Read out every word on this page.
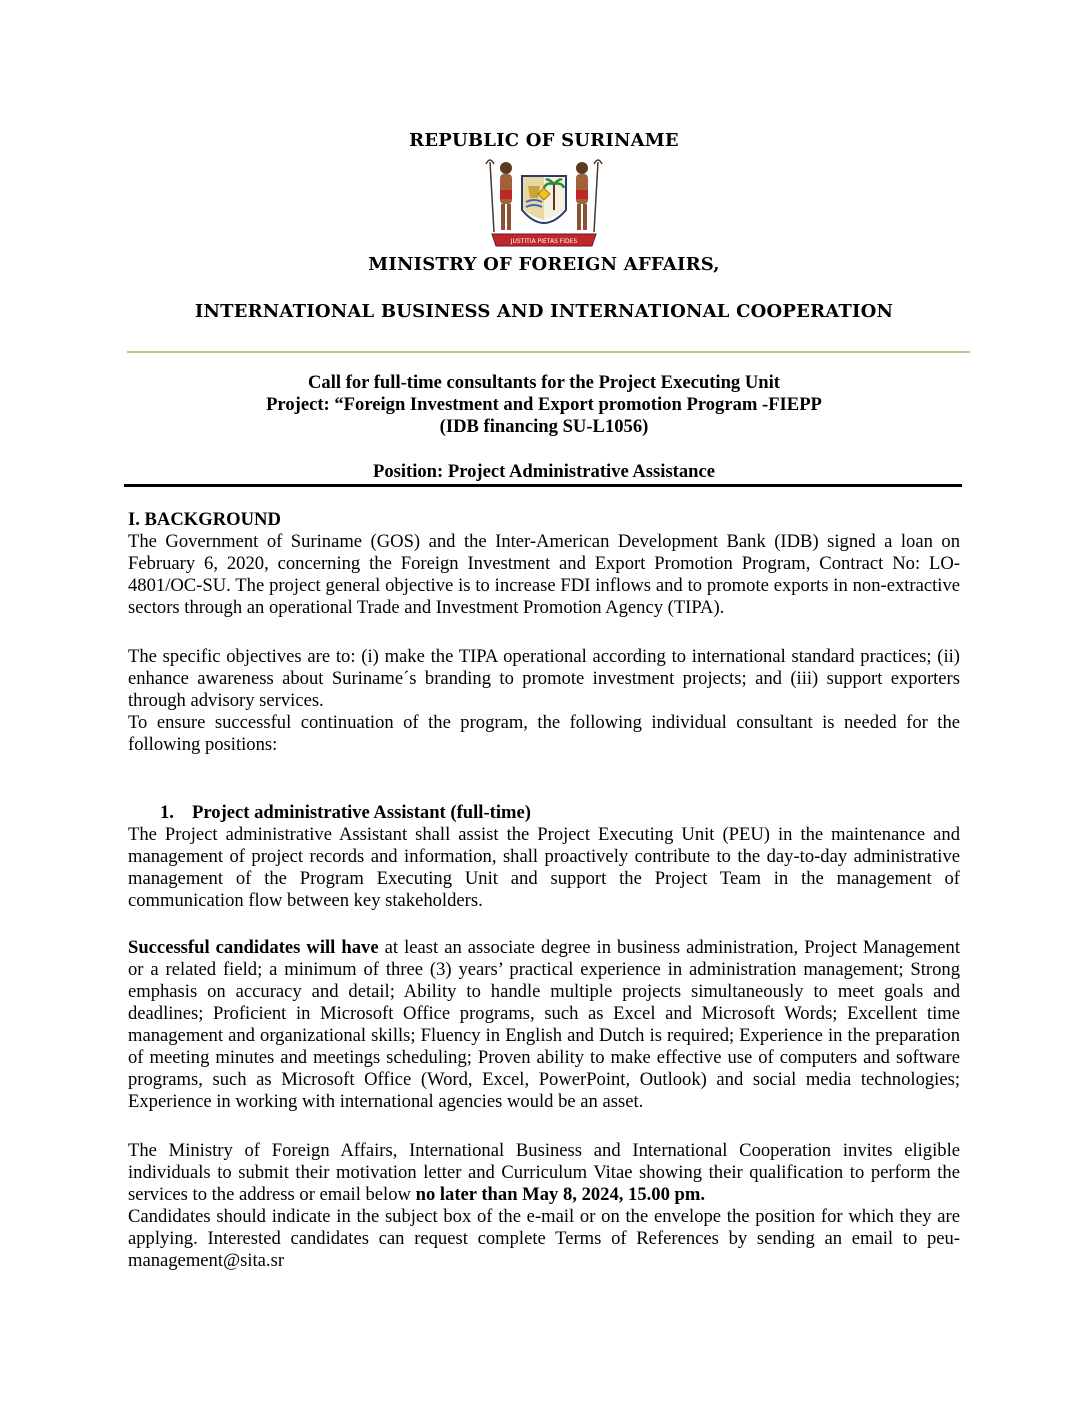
REPUBLIC OF SURINAME
JUSTITIA PIETAS FIDES
MINISTRY OF FOREIGN AFFAIRS,
INTERNATIONAL BUSINESS AND INTERNATIONAL COOPERATION
Call for full-time consultants for the Project Executing Unit
Project: “Foreign Investment and Export promotion Program -FIEPP
(IDB financing SU-L1056)
Position: Project Administrative Assistance
I. BACKGROUND
The Government of Suriname (GOS) and the Inter-American Development Bank (IDB) signed a loan on February 6, 2020, concerning the Foreign Investment and Export Promotion Program, Contract No: LO-4801/OC-SU. The project general objective is to increase FDI inflows and to promote exports in non-extractive sectors through an operational Trade and Investment Promotion Agency (TIPA).
The specific objectives are to: (i) make the TIPA operational according to international standard practices; (ii) enhance awareness about Suriname´s branding to promote investment projects; and (iii) support exporters through advisory services.
To ensure successful continuation of the program, the following individual consultant is needed for the following positions:
1. Project administrative Assistant (full-time)
The Project administrative Assistant shall assist the Project Executing Unit (PEU) in the maintenance and management of project records and information, shall proactively contribute to the day-to-day administrative management of the Program Executing Unit and support the Project Team in the management of communication flow between key stakeholders.
Successful candidates will have at least an associate degree in business administration, Project Management or a related field; a minimum of three (3) years’ practical experience in administration management; Strong emphasis on accuracy and detail; Ability to handle multiple projects simultaneously to meet goals and deadlines; Proficient in Microsoft Office programs, such as Excel and Microsoft Words; Excellent time management and organizational skills; Fluency in English and Dutch is required; Experience in the preparation of meeting minutes and meetings scheduling; Proven ability to make effective use of computers and software programs, such as Microsoft Office (Word, Excel, PowerPoint, Outlook) and social media technologies; Experience in working with international agencies would be an asset.
The Ministry of Foreign Affairs, International Business and International Cooperation invites eligible individuals to submit their motivation letter and Curriculum Vitae showing their qualification to perform the services to the address or email below no later than May 8, 2024, 15.00 pm.
Candidates should indicate in the subject box of the e-mail or on the envelope the position for which they are applying. Interested candidates can request complete Terms of References by sending an email to peu-management@sita.sr
